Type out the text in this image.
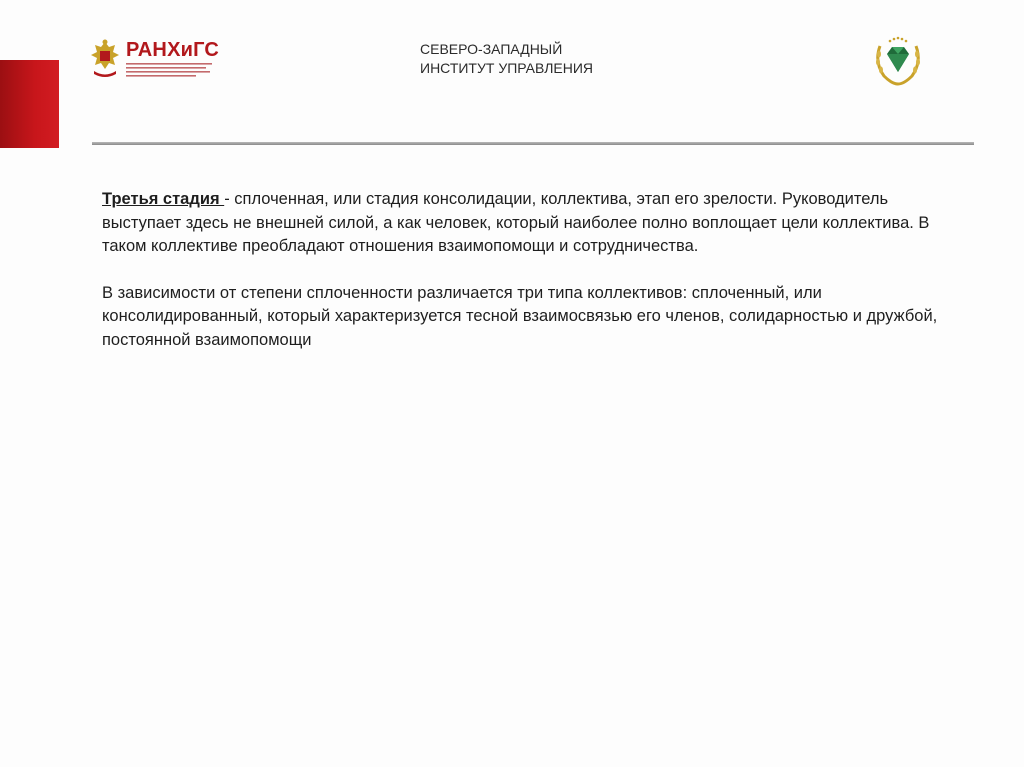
РАНХиГС	СЕВЕРО-ЗАПАДНЫЙ
ИНСТИТУТ УПРАВЛЕНИЯ

Третья стадия - сплоченная, или стадия консолидации, коллектива, этап его зрелости. Руководитель выступает здесь не внешней силой, а как человек, который наиболее полно воплощает цели коллектива. В таком коллективе преобладают отношения взаимопомощи и сотрудничества.

В зависимости от степени сплоченности различается три типа коллективов: сплоченный, или консолидированный, который характеризуется тесной взаимосвязью его членов, солидарностью и дружбой, постоянной взаимопомощи
